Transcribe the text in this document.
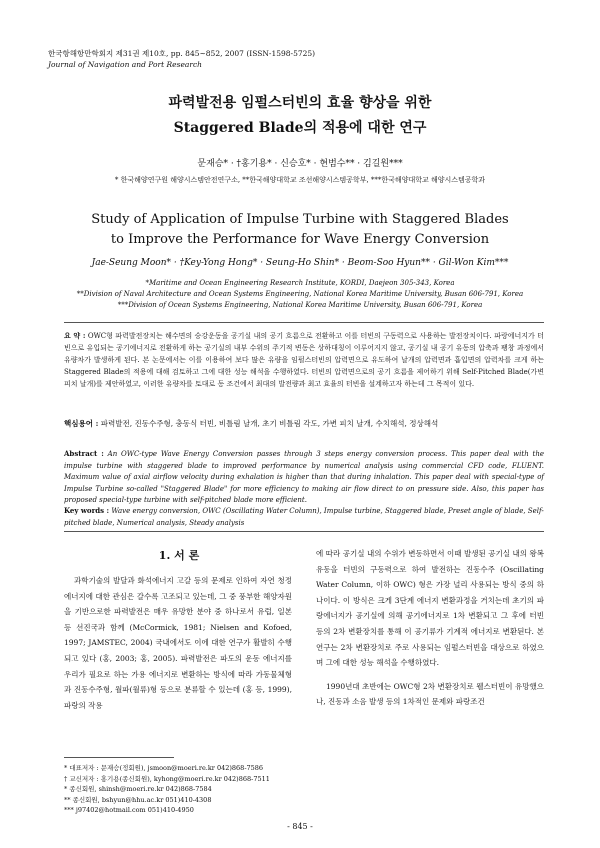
한국항해항만학회지 제31권 제10호, pp. 845~852, 2007 (ISSN-1598-5725)
Journal of Navigation and Port Research
파력발전용 임펄스터빈의 효율 향상을 위한
Staggered Blade의 적용에 대한 연구
문재승* · †홍기용* · 신승호* · 현범수** · 김길원***
* 한국해양연구원 해양시스템안전연구소, **한국해양대학교 조선해양시스템공학부, ***한국해양대학교 해양시스템공학과
Study of Application of Impulse Turbine with Staggered Blades
to Improve the Performance for Wave Energy Conversion
Jae-Seung Moon* · †Key-Yong Hong* · Seung-Ho Shin* · Beom-Soo Hyun** · Gil-Won Kim***
*Maritime and Ocean Engineering Research Institute, KORDI, Daejeon 305-343, Korea
**Division of Naval Architecture and Ocean Systems Engineering, National Korea Maritime University, Busan 606-791, Korea
***Division of Ocean Systems Engineering, National Korea Maritime University, Busan 606-791, Korea
요 약 : OWC형 파력발전장치는 해수면의 승강운동을 공기실 내의 공기 흐름으로 전환하고 이를 터빈의 구동력으로 사용하는 발전장치이다. 파랑에너지가 터빈으로 유입되는 공기에너지로 전환하게 하는 공기실의 내부 수위의 주기적 변동은 상하대칭이 이루어지지 않고, 공기실 내 공기 유동의 압축과 팽창 과정에서 유량차가 발생하게 된다. 본 논문에서는 이를 이용하여 보다 많은 유량을 임펄스터빈의 압력면으로 유도하여 날개의 압력면과 흡입면의 압력차를 크게 하는 Staggered Blade의 적용에 대해 검토하고 그에 대한 성능 해석을 수행하였다. 터빈의 압력면으로의 공기 흐름을 제어하기 위해 Self-Pitched Blade(가변 피치 날개)를 제안하였고, 이러한 유량차를 토대로 동 조건에서 최대의 발전량과 최고 효율의 터빈을 설계하고자 하는데 그 목적이 있다.
핵심용어 : 파력발전, 진동수주형, 충동식 터빈, 비틀림 날개, 초기 비틀림 각도, 가변 피치 날개, 수치해석, 정상해석
Abstract : An OWC-type Wave Energy Conversion passes through 3 steps energy conversion process. This paper deal with the impulse turbine with staggered blade to improved performance by numerical analysis using commercial CFD code, FLUENT. Maximum value of axial airflow velocity during exhalation is higher than that during inhalation. This paper deal with special-type of Impulse Turbine so-called "Staggered Blade" for more efficiency to making air flow direct to on pressure side. Also, this paper has proposed special-type turbine with self-pitched blade more efficient.
Key words : Wave energy conversion, OWC (Oscillating Water Column), Impulse turbine, Staggered blade, Preset angle of blade, Self-pitched blade, Numerical analysis, Steady analysis
1. 서 론

과학기술의 발달과 화석에너지 고갈 등의 문제로 인하여 자연 청정에너지에 대한 관심은 갈수록 고조되고 있는데, 그 중 풍부한 해양자원을 기반으로한 파력발전은 매우 유망한 분야 중 하나로서 유럽, 일본 등 선진국과 함께 (McCormick, 1981; Nielsen and Kofoed, 1997; JAMSTEC, 2004) 국내에서도 이에 대한 연구가 활발히 수행되고 있다 (홍, 2003; 홍, 2005). 파력발전은 파도의 운동 에너지를 우리가 필요로 하는 가용 에너지로 변환하는 방식에 따라 가동물체형과 진동수주형, 월파(월류)형 등으로 분류할 수 있는데 (홍 등, 1999), 파랑의 작용

에 따라 공기실 내의 수위가 변동하면서 이때 발생된 공기실 내의 왕복유동을 터빈의 구동력으로 하여 발전하는 진동수주 (Oscillating Water Column, 이하 OWC) 형은 가장 널리 사용되는 방식 중의 하나이다. 이 방식은 크게 3단계 에너지 변환과정을 거치는데 초기의 파랑에너지가 공기실에 의해 공기에너지로 1차 변환되고 그 후에 터빈 등의 2차 변환장치를 통해 이 공기류가 기계적 에너지로 변환된다. 본 연구는 2차 변환장치로 주로 사용되는 임펄스터빈을 대상으로 하였으며 그에 대한 성능 해석을 수행하였다.

1990년대 초반에는 OWC형 2차 변환장치로 웰스터빈이 유망했으나, 진동과 소음 발생 등의 1차적인 문제와 파랑조건

* 대표저자 : 문재승(정회원), jsmoon@moeri.re.kr 042)868-7586
† 교신저자 : 홍기용(종신회원), kyhong@moeri.re.kr 042)868-7511
* 종신회원, shinsh@moeri.re.kr 042)868-7584
** 종신회원, bshyun@hhu.ac.kr 051)410-4308
*** j97402@hotmail.com 051)410-4950
- 845 -
